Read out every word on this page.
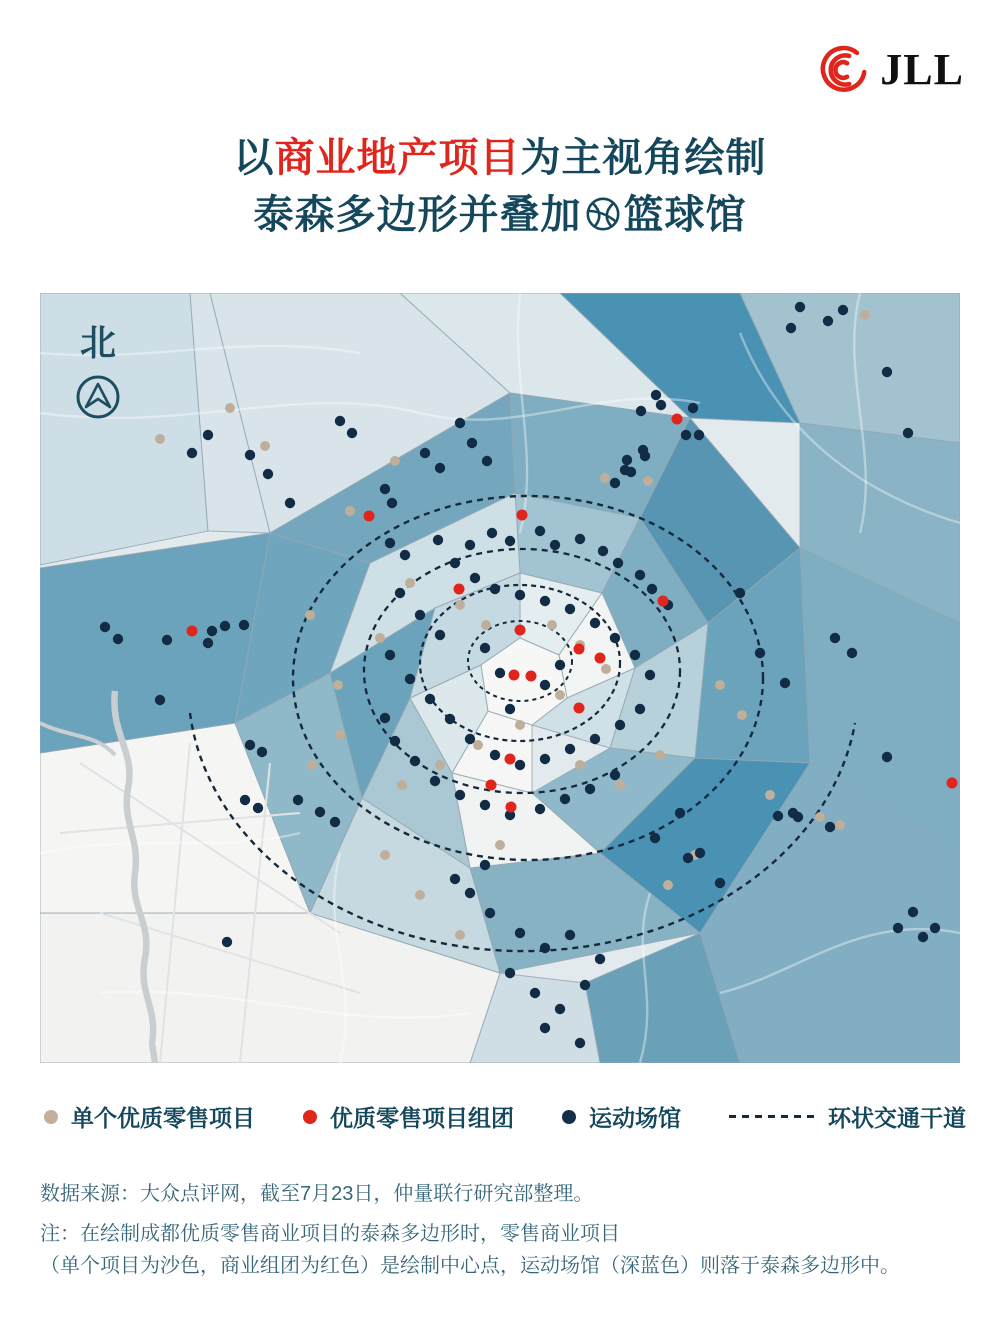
JLL
以商业地产项目为主视角绘制
泰森多边形并叠加 篮球馆
北
单个优质零售项目	优质零售项目组团	运动场馆	环状交通干道
数据来源：大众点评网，截至7月23日，仲量联行研究部整理。
注：在绘制成都优质零售商业项目的泰森多边形时，零售商业项目
（单个项目为沙色，商业组团为红色）是绘制中心点，运动场馆（深蓝色）则落于泰森多边形中。
